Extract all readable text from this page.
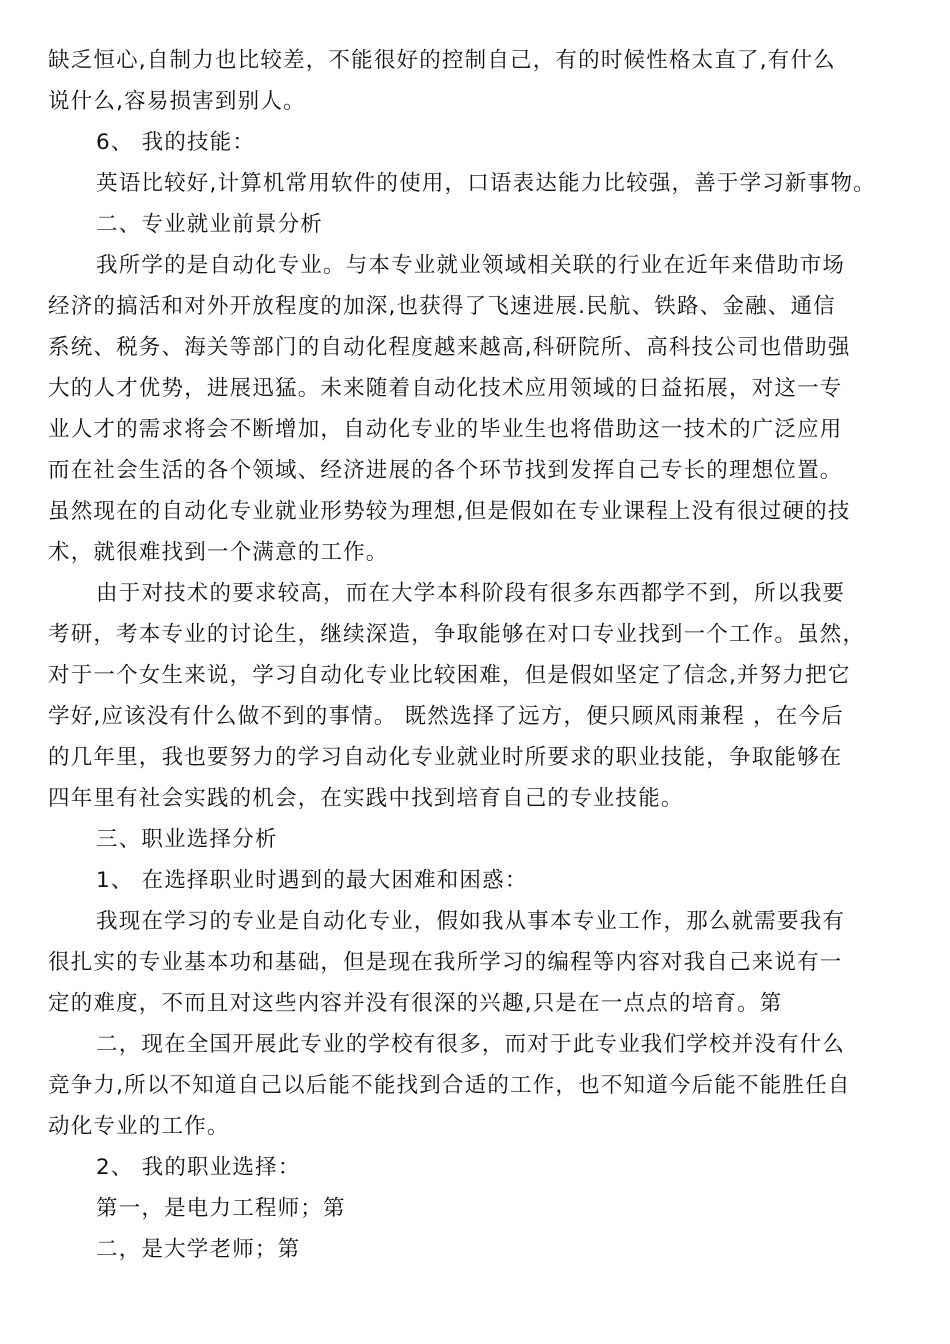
缺乏恒心,自制力也比较差，不能很好的控制自己，有的时候性格太直了,有什么
说什么,容易损害到别人。
6、 我的技能：
英语比较好,计算机常用软件的使用，口语表达能力比较强，善于学习新事物。
二、专业就业前景分析
我所学的是自动化专业。与本专业就业领域相关联的行业在近年来借助市场
经济的搞活和对外开放程度的加深,也获得了飞速进展.民航、铁路、金融、通信
系统、税务、海关等部门的自动化程度越来越高,科研院所、高科技公司也借助强
大的人才优势，进展迅猛。未来随着自动化技术应用领域的日益拓展，对这一专
业人才的需求将会不断增加，自动化专业的毕业生也将借助这一技术的广泛应用
而在社会生活的各个领域、经济进展的各个环节找到发挥自己专长的理想位置。
虽然现在的自动化专业就业形势较为理想,但是假如在专业课程上没有很过硬的技
术，就很难找到一个满意的工作。
由于对技术的要求较高，而在大学本科阶段有很多东西都学不到，所以我要
考研，考本专业的讨论生，继续深造，争取能够在对口专业找到一个工作。虽然，
对于一个女生来说，学习自动化专业比较困难，但是假如坚定了信念,并努力把它
学好,应该没有什么做不到的事情。 既然选择了远方，便只顾风雨兼程 ，在今后
的几年里，我也要努力的学习自动化专业就业时所要求的职业技能，争取能够在
四年里有社会实践的机会，在实践中找到培育自己的专业技能。
三、职业选择分析
1、 在选择职业时遇到的最大困难和困惑：
我现在学习的专业是自动化专业，假如我从事本专业工作，那么就需要我有
很扎实的专业基本功和基础，但是现在我所学习的编程等内容对我自己来说有一
定的难度，不而且对这些内容并没有很深的兴趣,只是在一点点的培育。第
二，现在全国开展此专业的学校有很多，而对于此专业我们学校并没有什么
竞争力,所以不知道自己以后能不能找到合适的工作，也不知道今后能不能胜任自
动化专业的工作。
2、 我的职业选择：
第一，是电力工程师；第
二，是大学老师；第
